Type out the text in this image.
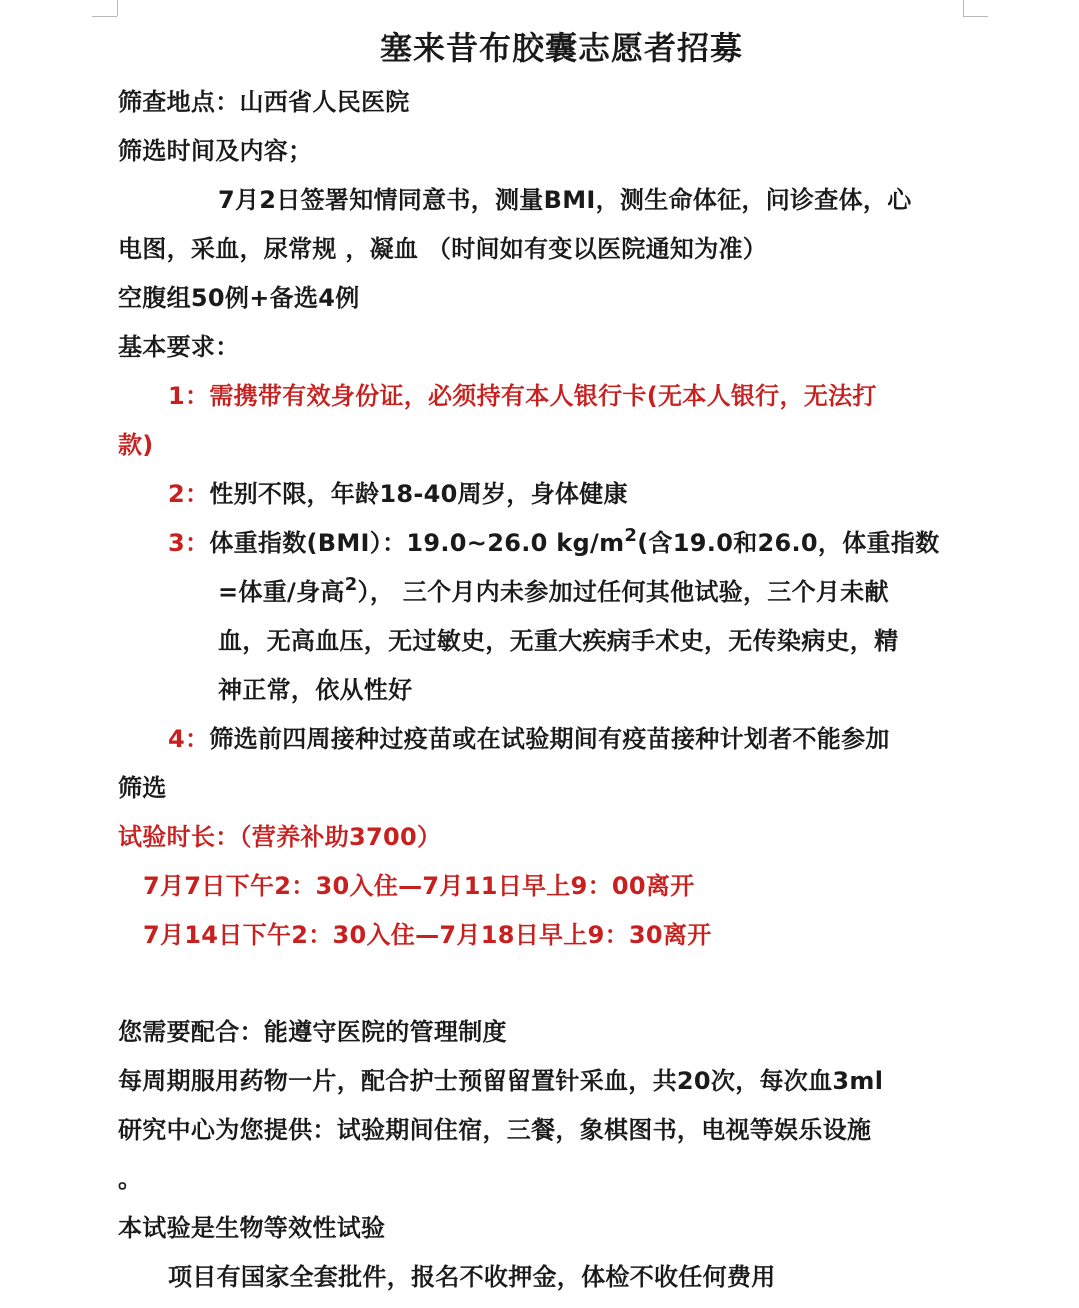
塞来昔布胶囊志愿者招募
筛查地点：山西省人民医院
筛选时间及内容；
7月2日签署知情同意书，测量BMI，测生命体征，问诊查体，心
电图，采血，尿常规 ，凝血 （时间如有变以医院通知为准）
空腹组50例+备选4例
基本要求：
1：需携带有效身份证，必须持有本人银行卡(无本人银行，无法打
款)
2：性别不限，年龄18-40周岁，身体健康
3：体重指数(BMI）：19.0~26.0 $kg/m^2$(含19.0和26.0，体重指数
=体重/身高$^2$）， 三个月内未参加过任何其他试验，三个月未献
血，无高血压，无过敏史，无重大疾病手术史，无传染病史，精
神正常，依从性好
4：筛选前四周接种过疫苗或在试验期间有疫苗接种计划者不能参加
筛选
试验时长：（营养补助3700）
7月7日下午2：30入住—7月11日早上9：00离开
7月14日下午2：30入住—7月18日早上9：30离开
您需要配合：能遵守医院的管理制度
每周期服用药物一片，配合护士预留留置针采血，共20次，每次血3ml
研究中心为您提供：试验期间住宿，三餐，象棋图书，电视等娱乐设施
。
本试验是生物等效性试验
项目有国家全套批件，报名不收押金，体检不收任何费用
